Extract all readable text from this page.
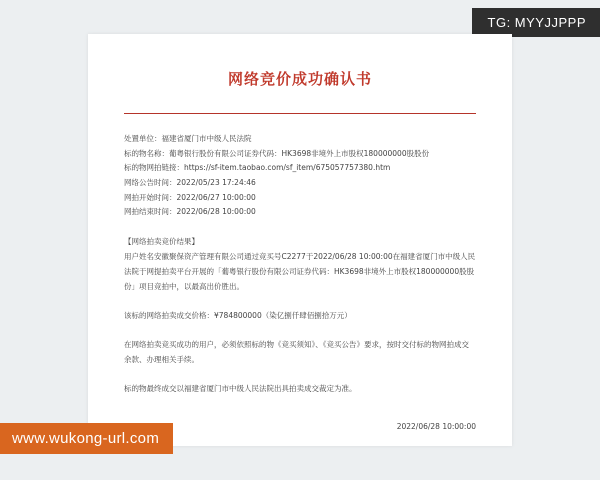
TG: MYYJJPPP
网络竞价成功确认书
处置单位：福建省厦门市中级人民法院
标的物名称：葡粤银行股份有限公司证券代码：HK3698非境外上市股权180000000股股份
标的物网拍链接：https://sf-item.taobao.com/sf_item/675057757380.htm
网络公告时间：2022/05/23 17:24:46
网拍开始时间：2022/06/27 10:00:00
网拍结束时间：2022/06/28 10:00:00
【网络拍卖竞价结果】
用户姓名安徽聚保资产管理有限公司通过竞买号C2277于2022/06/28 10:00:00在福建省厦门市中级人民法院于网提拍卖平台开展的「葡粤银行股份有限公司证券代码：HK3698非境外上市股权180000000股股份」项目竞拍中，以最高出价胜出。
该标的网络拍卖成交价格：¥784800000（染亿捌仟肆佰捌拾万元）
在网络拍卖竞买成功的用户，必须依照标的物《竞买须知》、《竞买公告》要求，按时交付标的物网拍成交余款、办理相关手续。
标的物最终成交以福建省厦门市中级人民法院出具拍卖成交裁定为准。
2022/06/28 10:00:00
www.wukong-url.com
